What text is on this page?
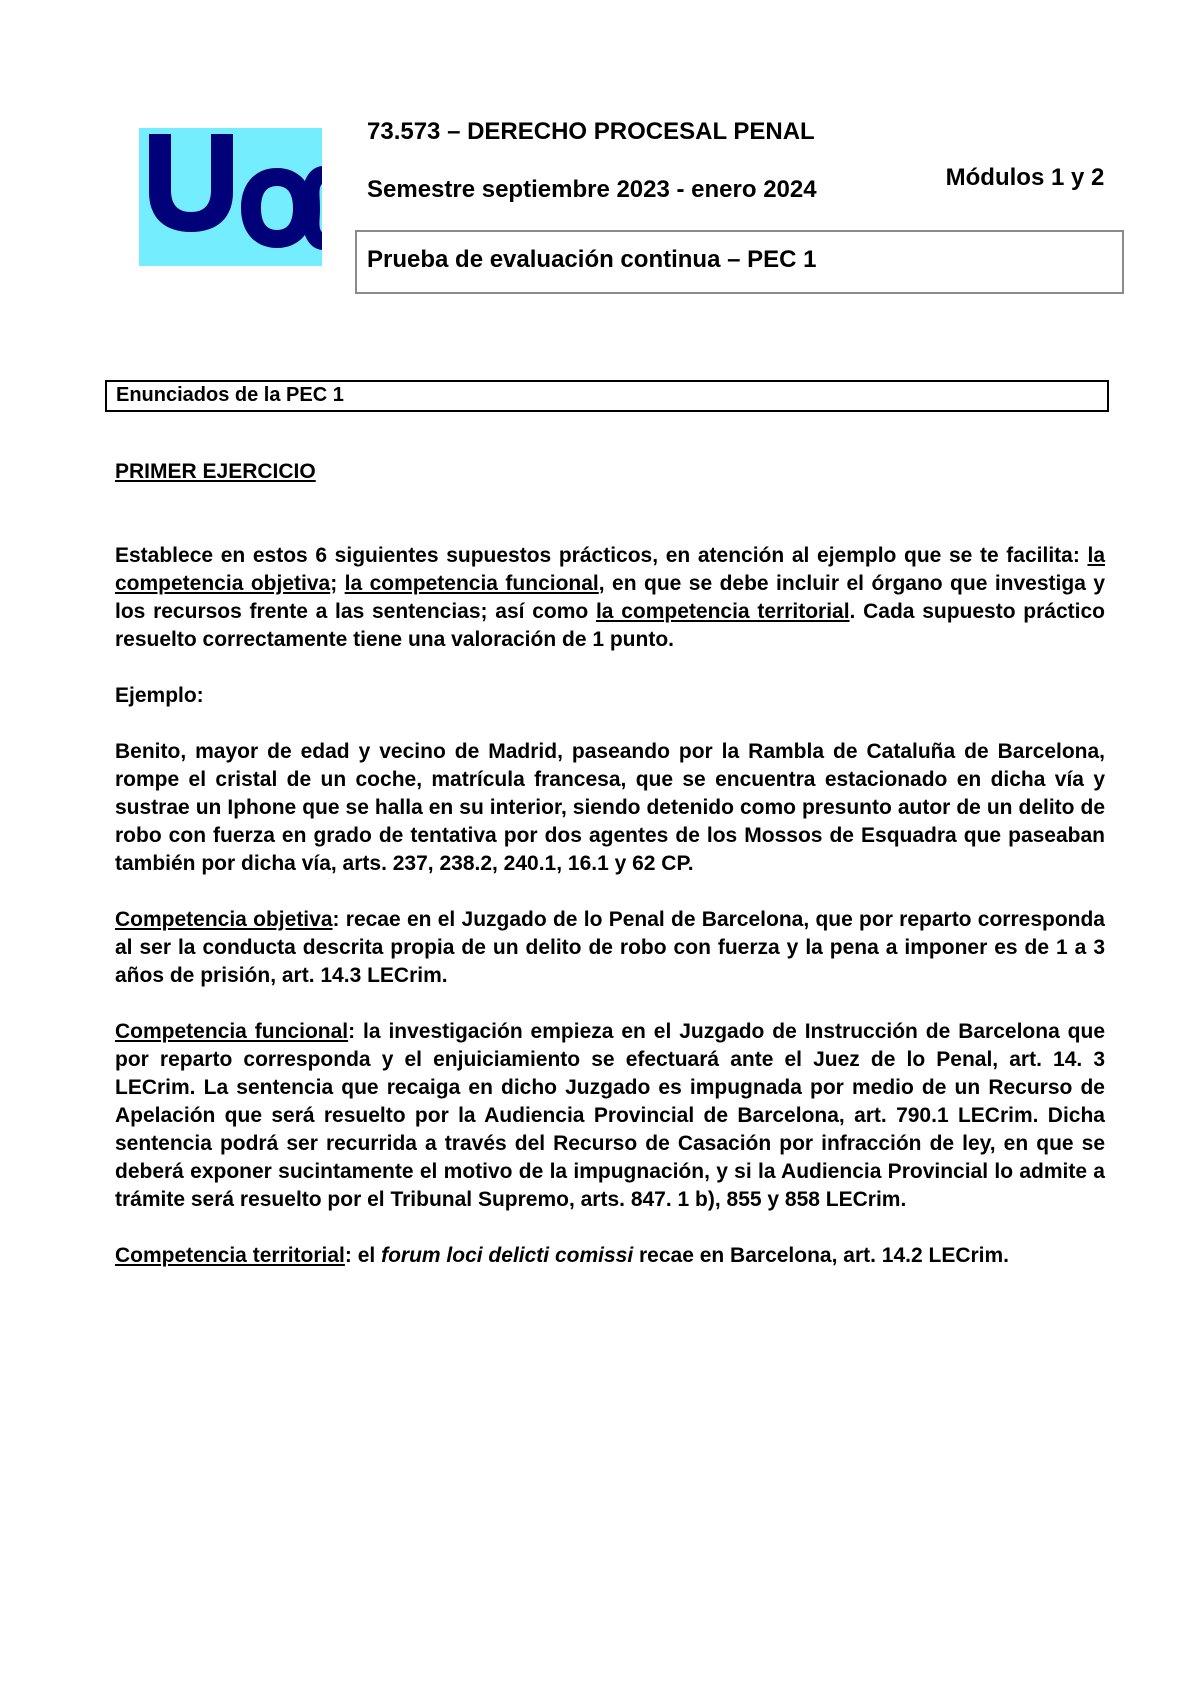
73.573 – DERECHO PROCESAL PENAL
Semestre septiembre 2023 - enero 2024	Módulos 1 y 2
Prueba de evaluación continua – PEC 1
Enunciados de la PEC 1

PRIMER EJERCICIO

Establece en estos 6 siguientes supuestos prácticos, en atención al ejemplo que se te facilita: la competencia objetiva; la competencia funcional, en que se debe incluir el órgano que investiga y los recursos frente a las sentencias; así como la competencia territorial. Cada supuesto práctico resuelto correctamente tiene una valoración de 1 punto.

Ejemplo:

Benito, mayor de edad y vecino de Madrid, paseando por la Rambla de Cataluña de Barcelona, rompe el cristal de un coche, matrícula francesa, que se encuentra estacionado en dicha vía y sustrae un Iphone que se halla en su interior, siendo detenido como presunto autor de un delito de robo con fuerza en grado de tentativa por dos agentes de los Mossos de Esquadra que paseaban también por dicha vía, arts. 237, 238.2, 240.1, 16.1 y 62 CP.

Competencia objetiva: recae en el Juzgado de lo Penal de Barcelona, que por reparto corresponda al ser la conducta descrita propia de un delito de robo con fuerza y la pena a imponer es de 1 a 3 años de prisión, art. 14.3 LECrim.

Competencia funcional: la investigación empieza en el Juzgado de Instrucción de Barcelona que por reparto corresponda y el enjuiciamiento se efectuará ante el Juez de lo Penal, art. 14. 3 LECrim. La sentencia que recaiga en dicho Juzgado es impugnada por medio de un Recurso de Apelación que será resuelto por la Audiencia Provincial de Barcelona, art. 790.1 LECrim. Dicha sentencia podrá ser recurrida a través del Recurso de Casación por infracción de ley, en que se deberá exponer sucintamente el motivo de la impugnación, y si la Audiencia Provincial lo admite a trámite será resuelto por el Tribunal Supremo, arts. 847. 1 b), 855 y 858 LECrim.

Competencia territorial: el forum loci delicti comissi recae en Barcelona, art. 14.2 LECrim.
